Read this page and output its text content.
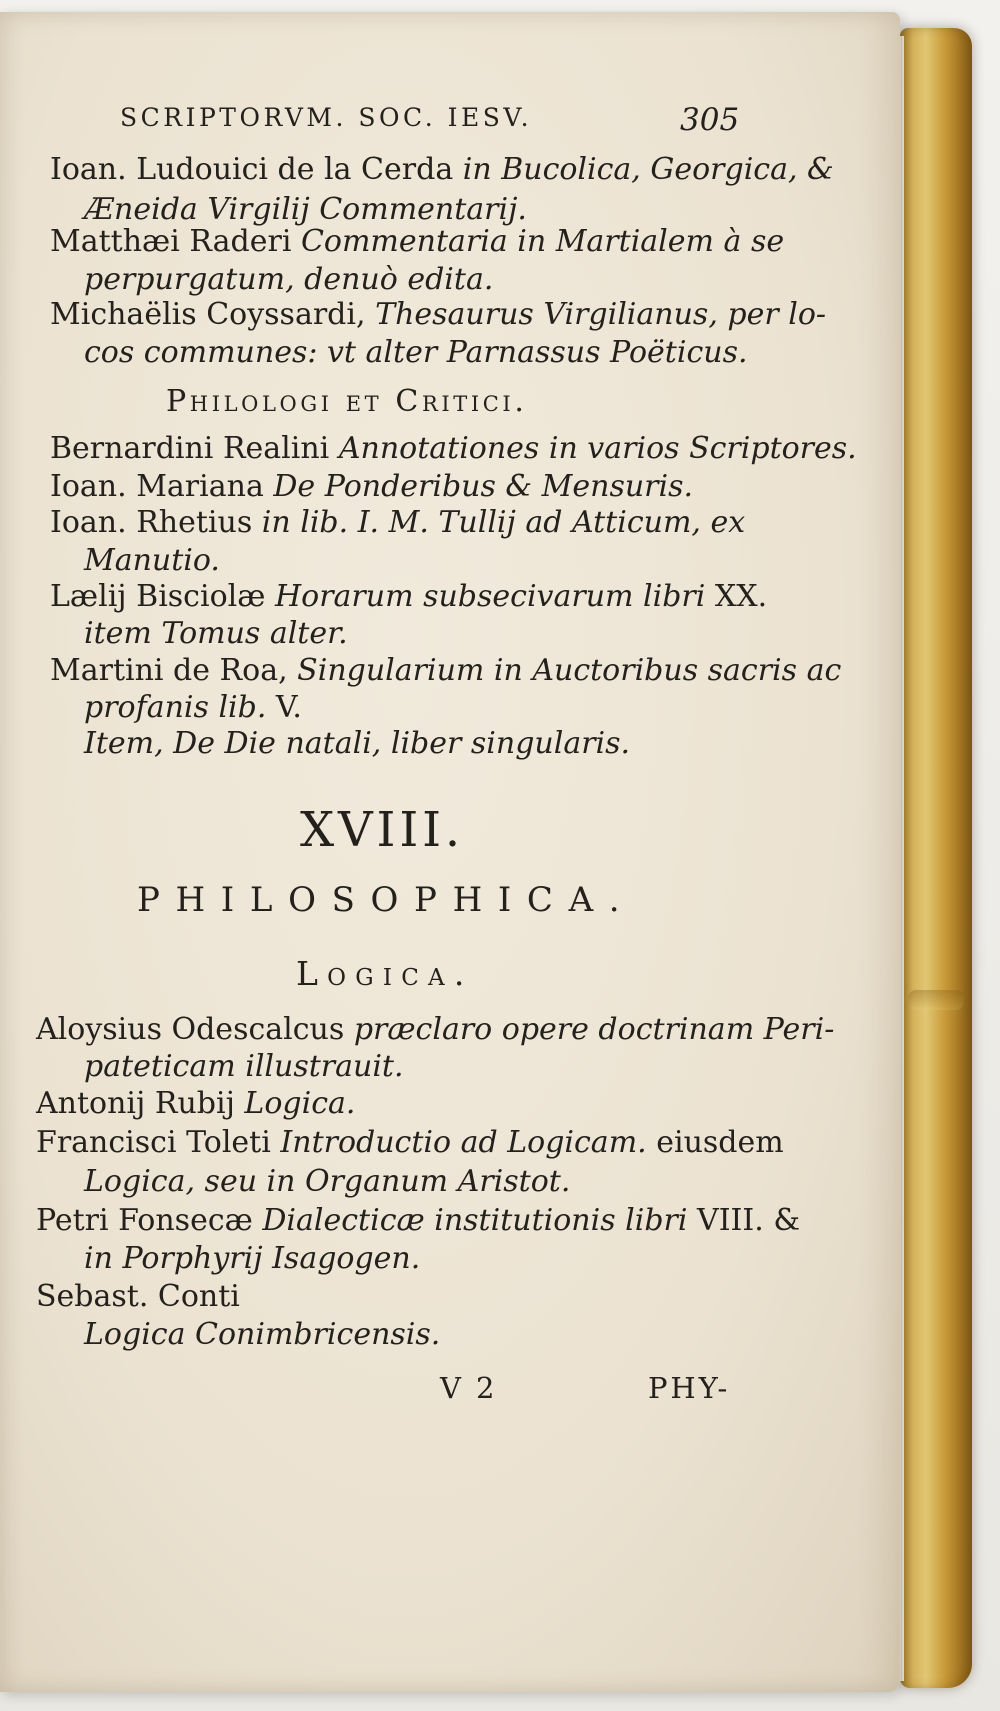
SCRIPTORVM. SOC. IESV.	305
Ioan. Ludouici de la Cerda in Bucolica, Georgica, &
Æneida Virgilij Commentarij.
Matthæi Raderi Commentaria in Martialem à se
perpurgatum, denuò edita.
Michaëlis Coyssardi, Thesaurus Virgilianus, per lo-
cos communes: vt alter Parnassus Poëticus.
Philologi et Critici.
Bernardini Realini Annotationes in varios Scriptores.
Ioan. Mariana De Ponderibus & Mensuris.
Ioan. Rhetius in lib. I. M. Tullij ad Atticum, ex
Manutio.
Lælij Bisciolæ Horarum subsecivarum libri XX.
item Tomus alter.
Martini de Roa, Singularium in Auctoribus sacris ac
profanis lib. V.
Item, De Die natali, liber singularis.
XVIII.
PHILOSOPHICA.
Logica.
Aloysius Odescalcus præclaro opere doctrinam Peri-
pateticam illustrauit.
Antonij Rubij Logica.
Francisci Toleti Introductio ad Logicam. eiusdem
Logica, seu in Organum Aristot.
Petri Fonsecæ Dialecticæ institutionis libri VIII. &
in Porphyrij Isagogen.
Sebast. Conti
Logica Conimbricensis.
V 2	PHY-
